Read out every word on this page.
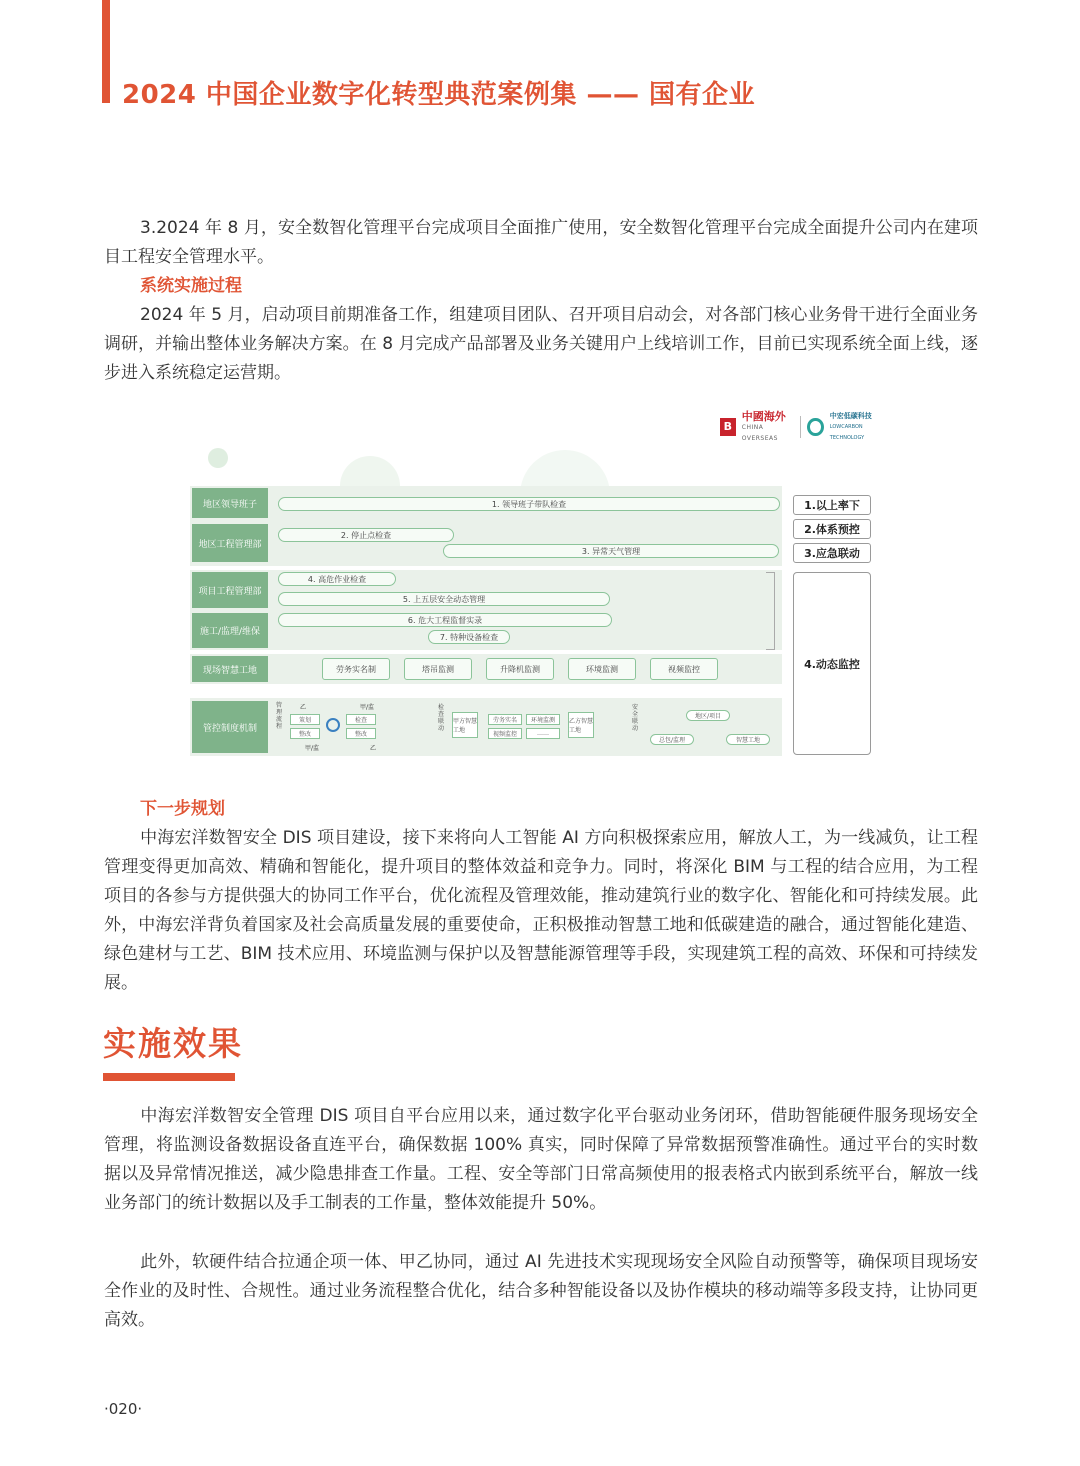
2024 中国企业数字化转型典范案例集 —— 国有企业

3.2024 年 8 月，安全数智化管理平台完成项目全面推广使用，安全数智化管理平台完成全面提升公司内在建项目工程安全管理水平。

系统实施过程

2024 年 5 月，启动项目前期准备工作，组建项目团队、召开项目启动会，对各部门核心业务骨干进行全面业务调研，并输出整体业务解决方案。在 8 月完成产品部署及业务关键用户上线培训工作，目前已实现系统全面上线，逐步进入系统稳定运营期。

B
中國海外
CHINA OVERSEAS
中宏低碳科技
LOWCARBON TECHNOLOGY
地区领导班子
地区工程管理部
项目工程管理部
施工/监理/维保
现场智慧工地
管控制度机制
1. 领导班子带队检查
2. 停止点检查
3. 异常天气管理
4. 高危作业检查
5. 上五层安全动态管理
6. 危大工程监督实录
7. 特种设备检查
劳务实名制	塔吊监测	升降机监测	环境监测	视频监控
管理流程
乙	甲/监
策划
整改
检查
整改
甲/监	乙
检查联动
甲方智慧工地
劳务实名	环境监测
视频监控	……
乙方智慧工地
安全联动
地区/项目
总包/监理	智慧工地
1.以上率下
2.体系预控
3.应急联动
4.动态监控
下一步规划

中海宏洋数智安全 DIS 项目建设，接下来将向人工智能 AI 方向积极探索应用，解放人工，为一线减负，让工程管理变得更加高效、精确和智能化，提升项目的整体效益和竞争力。同时，将深化 BIM 与工程的结合应用，为工程项目的各参与方提供强大的协同工作平台，优化流程及管理效能，推动建筑行业的数字化、智能化和可持续发展。此外，中海宏洋背负着国家及社会高质量发展的重要使命，正积极推动智慧工地和低碳建造的融合，通过智能化建造、绿色建材与工艺、BIM 技术应用、环境监测与保护以及智慧能源管理等手段，实现建筑工程的高效、环保和可持续发展。

实施效果

中海宏洋数智安全管理 DIS 项目自平台应用以来，通过数字化平台驱动业务闭环，借助智能硬件服务现场安全管理，将监测设备数据设备直连平台，确保数据 100% 真实，同时保障了异常数据预警准确性。通过平台的实时数据以及异常情况推送，减少隐患排查工作量。工程、安全等部门日常高频使用的报表格式内嵌到系统平台，解放一线业务部门的统计数据以及手工制表的工作量，整体效能提升 50%。

此外，软硬件结合拉通企项一体、甲乙协同，通过 AI 先进技术实现现场安全风险自动预警等，确保项目现场安全作业的及时性、合规性。通过业务流程整合优化，结合多种智能设备以及协作模块的移动端等多段支持，让协同更高效。

·020·
